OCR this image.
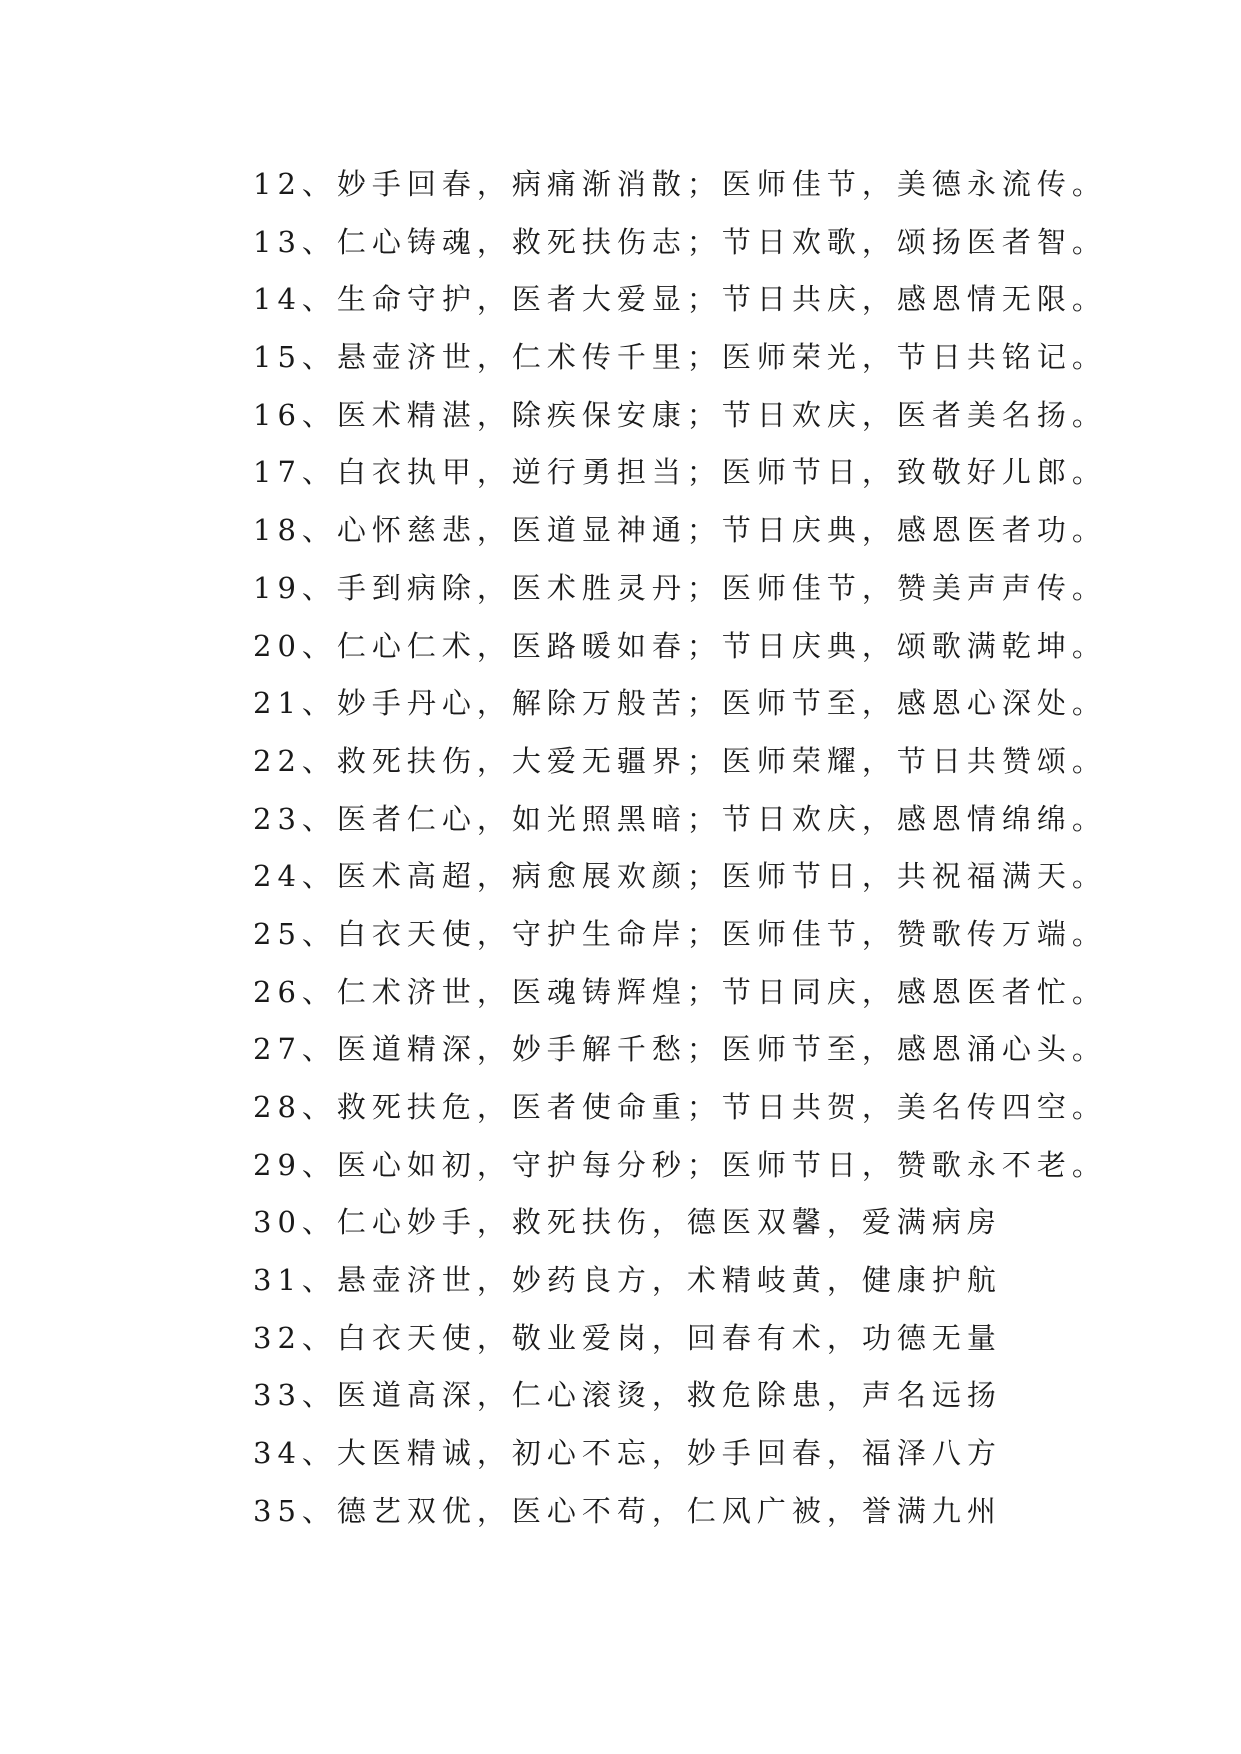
12、妙手回春，病痛渐消散；医师佳节，美德永流传。
13、仁心铸魂，救死扶伤志；节日欢歌，颂扬医者智。
14、生命守护，医者大爱显；节日共庆，感恩情无限。
15、悬壶济世，仁术传千里；医师荣光，节日共铭记。
16、医术精湛，除疾保安康；节日欢庆，医者美名扬。
17、白衣执甲，逆行勇担当；医师节日，致敬好儿郎。
18、心怀慈悲，医道显神通；节日庆典，感恩医者功。
19、手到病除，医术胜灵丹；医师佳节，赞美声声传。
20、仁心仁术，医路暖如春；节日庆典，颂歌满乾坤。
21、妙手丹心，解除万般苦；医师节至，感恩心深处。
22、救死扶伤，大爱无疆界；医师荣耀，节日共赞颂。
23、医者仁心，如光照黑暗；节日欢庆，感恩情绵绵。
24、医术高超，病愈展欢颜；医师节日，共祝福满天。
25、白衣天使，守护生命岸；医师佳节，赞歌传万端。
26、仁术济世，医魂铸辉煌；节日同庆，感恩医者忙。
27、医道精深，妙手解千愁；医师节至，感恩涌心头。
28、救死扶危，医者使命重；节日共贺，美名传四空。
29、医心如初，守护每分秒；医师节日，赞歌永不老。
30、仁心妙手，救死扶伤，德医双馨，爱满病房
31、悬壶济世，妙药良方，术精岐黄，健康护航
32、白衣天使，敬业爱岗，回春有术，功德无量
33、医道高深，仁心滚烫，救危除患，声名远扬
34、大医精诚，初心不忘，妙手回春，福泽八方
35、德艺双优，医心不苟，仁风广被，誉满九州
